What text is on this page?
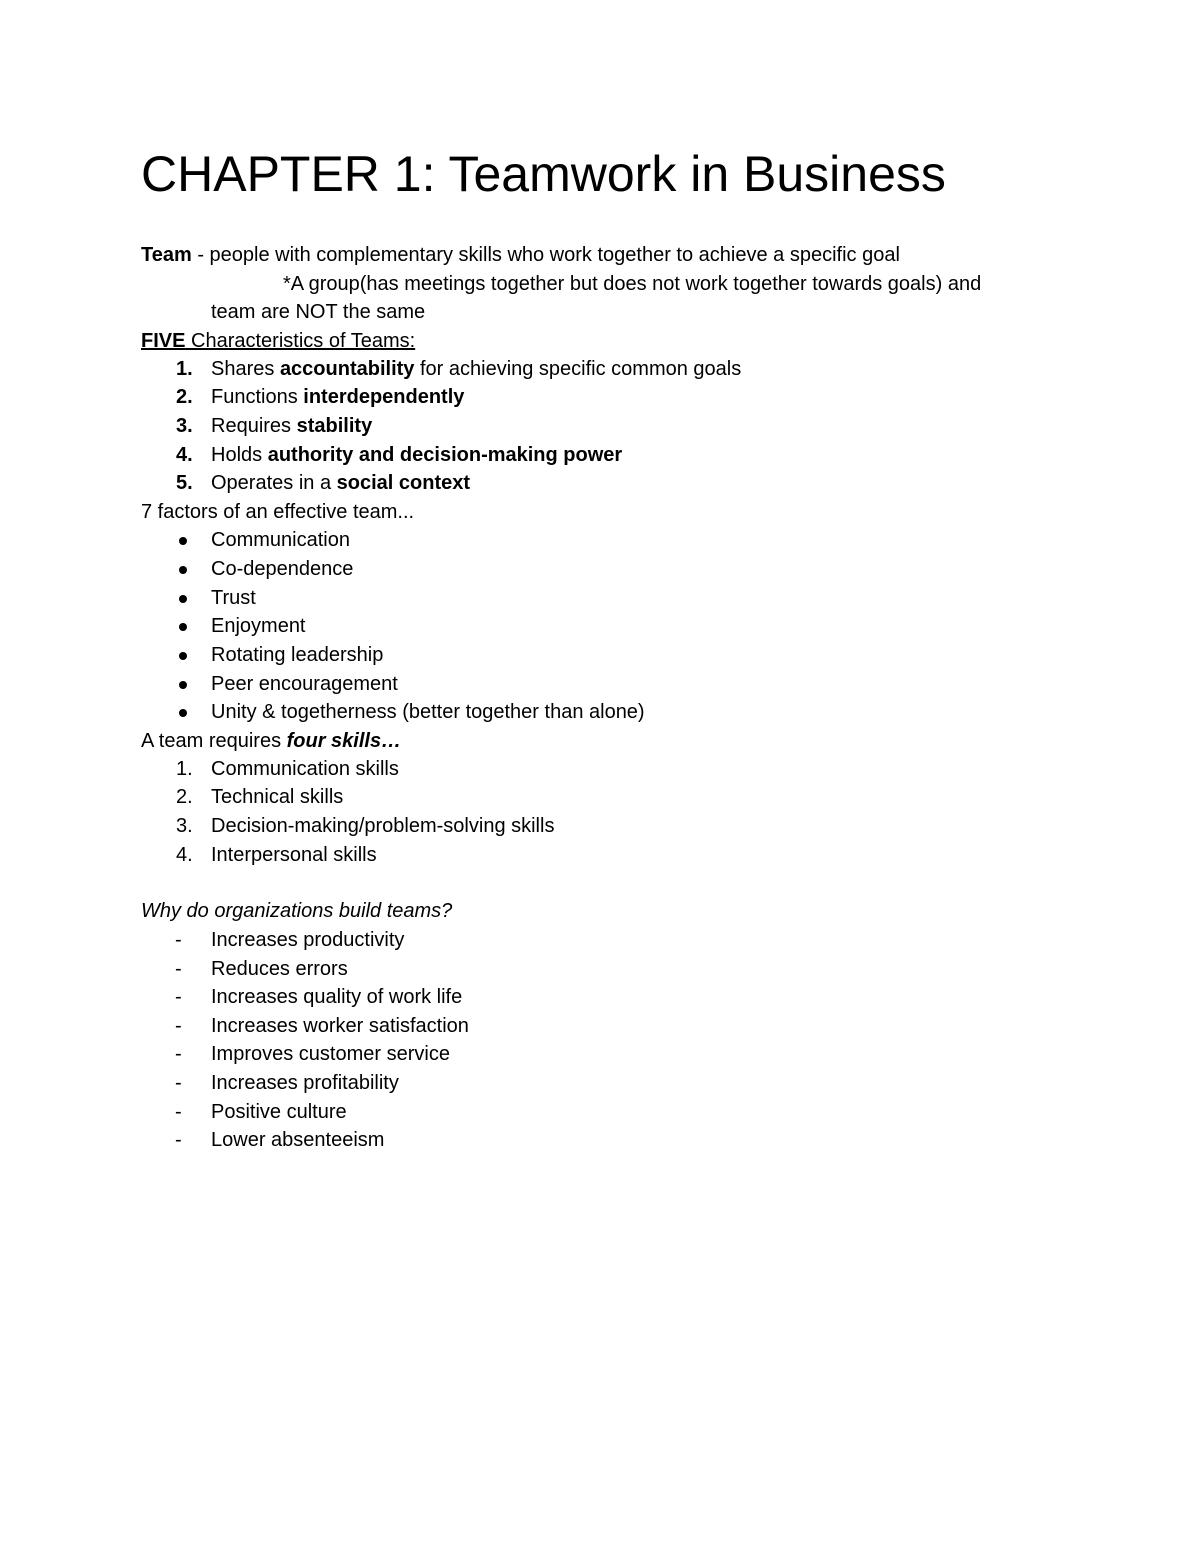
CHAPTER 1: Teamwork in Business
Team - people with complementary skills who work together to achieve a specific goal
*A group(has meetings together but does not work together towards goals) and
team are NOT the same
FIVE Characteristics of Teams:
1. Shares accountability for achieving specific common goals
2. Functions interdependently
3. Requires stability
4. Holds authority and decision-making power
5. Operates in a social context
7 factors of an effective team...
Communication
Co-dependence
Trust
Enjoyment
Rotating leadership
Peer encouragement
Unity & togetherness (better together than alone)
A team requires four skills…
1. Communication skills
2. Technical skills
3. Decision-making/problem-solving skills
4. Interpersonal skills
Why do organizations build teams?
-	Increases productivity
-	Reduces errors
-	Increases quality of work life
-	Increases worker satisfaction
-	Improves customer service
-	Increases profitability
-	Positive culture
-	Lower absenteeism
